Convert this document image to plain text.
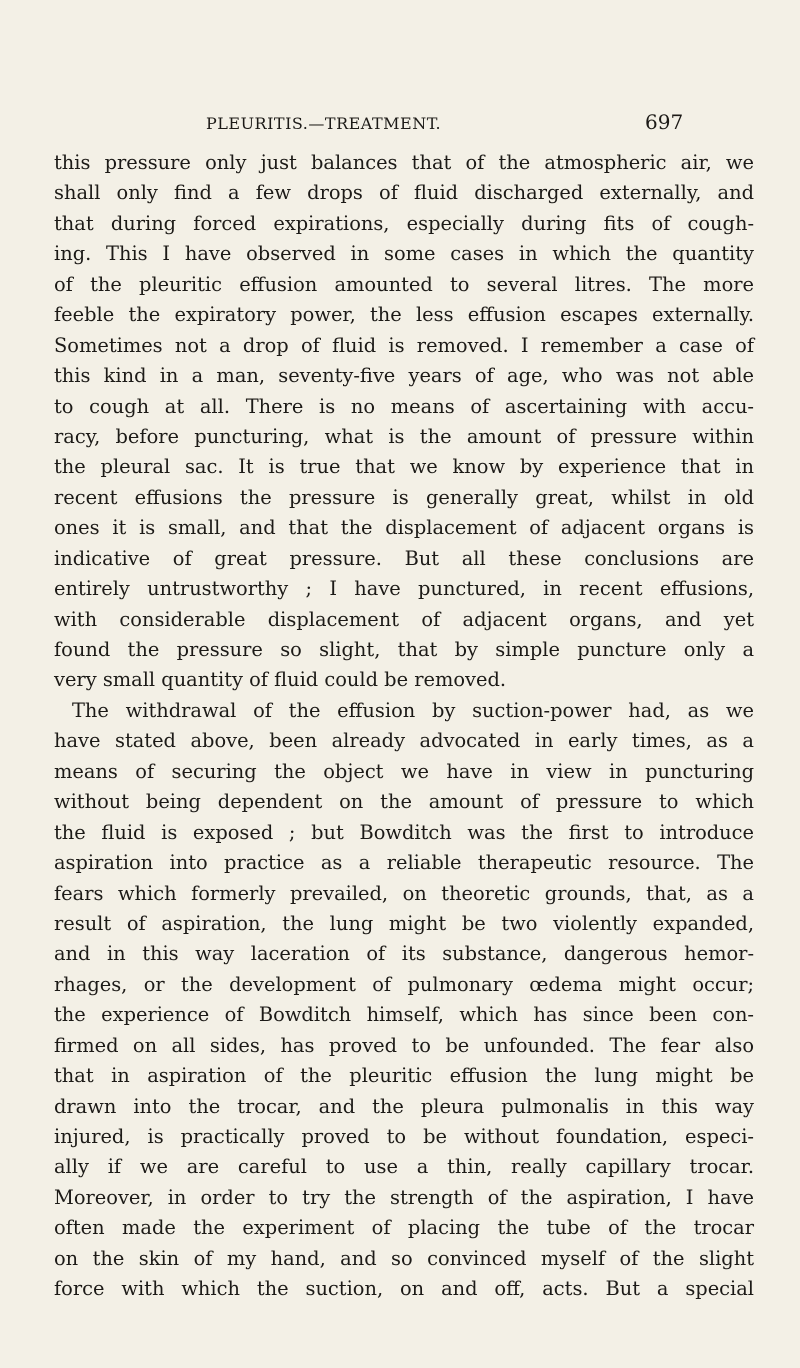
PLEURITIS.—TREATMENT.	697
this pressure only just balances that of the atmospheric air, we
shall only find a few drops of fluid discharged externally, and
that during forced expirations, especially during fits of cough-
ing. This I have observed in some cases in which the quantity
of the pleuritic effusion amounted to several litres. The more
feeble the expiratory power, the less effusion escapes externally.
Sometimes not a drop of fluid is removed. I remember a case of
this kind in a man, seventy-five years of age, who was not able
to cough at all. There is no means of ascertaining with accu-
racy, before puncturing, what is the amount of pressure within
the pleural sac. It is true that we know by experience that in
recent effusions the pressure is generally great, whilst in old
ones it is small, and that the displacement of adjacent organs is
indicative of great pressure. But all these conclusions are
entirely untrustworthy ; I have punctured, in recent effusions,
with considerable displacement of adjacent organs, and yet
found the pressure so slight, that by simple puncture only a
very small quantity of fluid could be removed.
The withdrawal of the effusion by suction-power had, as we
have stated above, been already advocated in early times, as a
means of securing the object we have in view in puncturing
without being dependent on the amount of pressure to which
the fluid is exposed ; but Bowditch was the first to introduce
aspiration into practice as a reliable therapeutic resource. The
fears which formerly prevailed, on theoretic grounds, that, as a
result of aspiration, the lung might be two violently expanded,
and in this way laceration of its substance, dangerous hemor-
rhages, or the development of pulmonary œdema might occur;
the experience of Bowditch himself, which has since been con-
firmed on all sides, has proved to be unfounded. The fear also
that in aspiration of the pleuritic effusion the lung might be
drawn into the trocar, and the pleura pulmonalis in this way
injured, is practically proved to be without foundation, especi-
ally if we are careful to use a thin, really capillary trocar.
Moreover, in order to try the strength of the aspiration, I have
often made the experiment of placing the tube of the trocar
on the skin of my hand, and so convinced myself of the slight
force with which the suction, on and off, acts. But a special
